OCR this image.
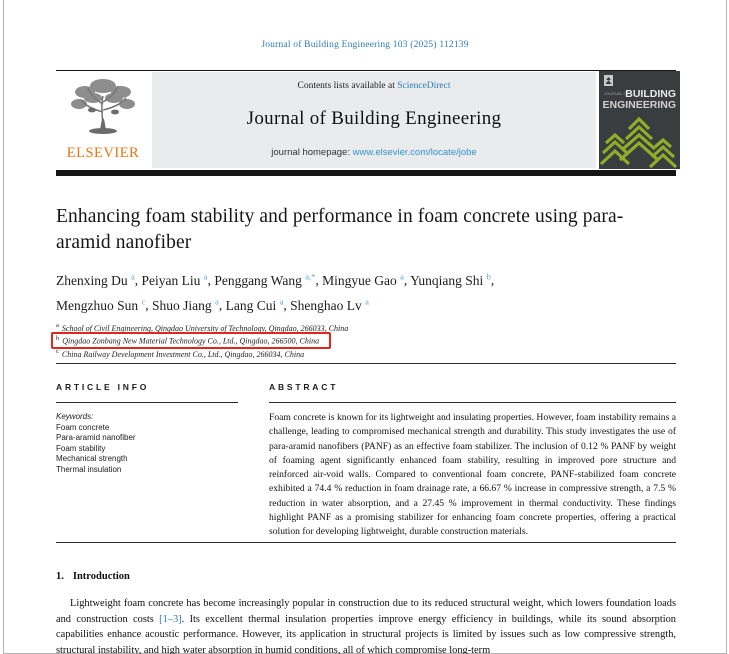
Journal of Building Engineering 103 (2025) 112139
ELSEVIER
Contents lists available at ScienceDirect
Journal of Building Engineering
journal homepage: www.elsevier.com/locate/jobe
JOURNAL OF
BUILDING
ENGINEERING
Enhancing foam stability and performance in foam concrete using para-aramid nanofiber
Zhenxing Du $^a$, Peiyan Liu $^a$, Penggang Wang $^{a,*}$, Mingyue Gao $^a$, Yunqiang Shi $^b$,
Mengzhuo Sun $^c$, Shuo Jiang $^a$, Lang Cui $^a$, Shenghao Lv $^a$
$^a$ School of Civil Engineering, Qingdao University of Technology, Qingdao, 266033, China
$^b$ Qingdao Zonbang New Material Technology Co., Ltd., Qingdao, 266500, China
$^c$ China Railway Development Investment Co., Ltd., Qingdao, 266034, China
ARTICLE INFO
Keywords:
Foam concrete
Para-aramid nanofiber
Foam stability
Mechanical strength
Thermal insulation
ABSTRACT

Foam concrete is known for its lightweight and insulating properties. However, foam instability remains a challenge, leading to compromised mechanical strength and durability. This study investigates the use of para-aramid nanofibers (PANF) as an effective foam stabilizer. The inclusion of 0.12 % PANF by weight of foaming agent significantly enhanced foam stability, resulting in improved pore structure and reinforced air-void walls. Compared to conventional foam concrete, PANF-stabilized foam concrete exhibited a 74.4 % reduction in foam drainage rate, a 66.67 % increase in compressive strength, a 7.5 % reduction in water absorption, and a 27.45 % improvement in thermal conductivity. These findings highlight PANF as a promising stabilizer for enhancing foam concrete properties, offering a practical solution for developing lightweight, durable construction materials.

1. Introduction

Lightweight foam concrete has become increasingly popular in construction due to its reduced structural weight, which lowers foundation loads and construction costs [1–3]. Its excellent thermal insulation properties improve energy efficiency in buildings, while its sound absorption capabilities enhance acoustic performance. However, its application in structural projects is limited by issues such as low compressive strength, structural instability, and high water absorption in humid conditions, all of which compromise long-term
